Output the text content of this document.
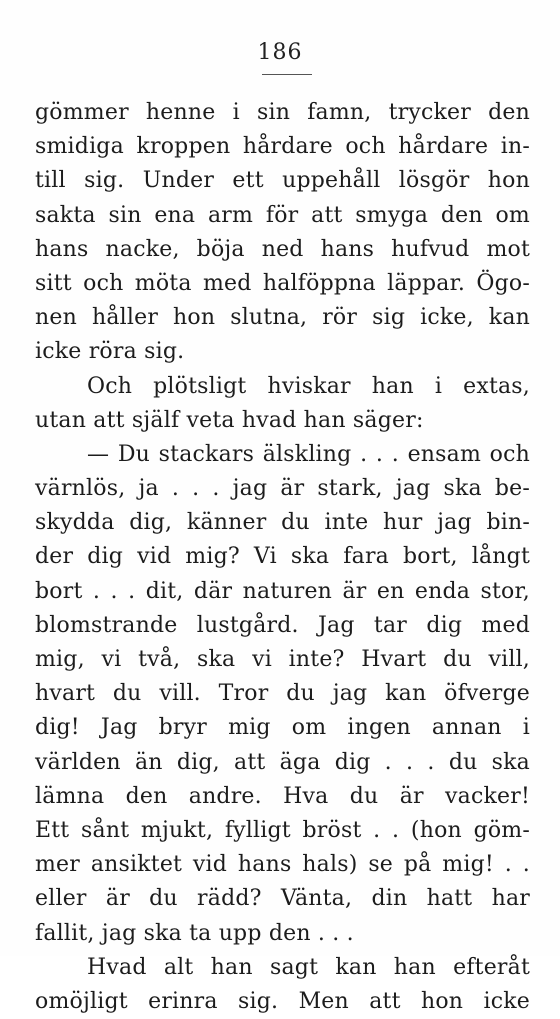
186
gömmer henne i sin famn, trycker den
smidiga kroppen hårdare och hårdare in-
till sig. Under ett uppehåll lösgör hon
sakta sin ena arm för att smyga den om
hans nacke, böja ned hans hufvud mot
sitt och möta med halföppna läppar. Ögo-
nen håller hon slutna, rör sig icke, kan
icke röra sig.
Och plötsligt hviskar han i extas,
utan att själf veta hvad han säger:
— Du stackars älskling . . . ensam och
värnlös, ja . . . jag är stark, jag ska be-
skydda dig, känner du inte hur jag bin-
der dig vid mig? Vi ska fara bort, långt
bort . . . dit, där naturen är en enda stor,
blomstrande lustgård. Jag tar dig med
mig, vi två, ska vi inte? Hvart du vill,
hvart du vill. Tror du jag kan öfverge
dig! Jag bryr mig om ingen annan i
världen än dig, att äga dig . . . du ska
lämna den andre. Hva du är vacker!
Ett sånt mjukt, fylligt bröst . . (hon göm-
mer ansiktet vid hans hals) se på mig! . .
eller är du rädd? Vänta, din hatt har
fallit, jag ska ta upp den . . .
Hvad alt han sagt kan han efteråt
omöjligt erinra sig. Men att hon icke
